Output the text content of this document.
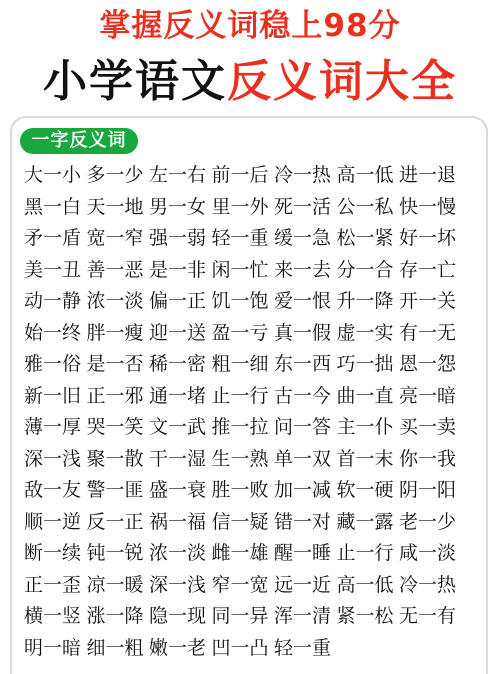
掌握反义词稳上98分
小学语文反义词大全
一字反义词
大一小 多一少 左一右 前一后 冷一热 高一低 进一退
黑一白 天一地 男一女 里一外 死一活 公一私 快一慢
矛一盾 宽一窄 强一弱 轻一重 缓一急 松一紧 好一坏
美一丑 善一恶 是一非 闲一忙 来一去 分一合 存一亡
动一静 浓一淡 偏一正 饥一饱 爱一恨 升一降 开一关
始一终 胖一瘦 迎一送 盈一亏 真一假 虚一实 有一无
雅一俗 是一否 稀一密 粗一细 东一西 巧一拙 恩一怨
新一旧 正一邪 通一堵 止一行 古一今 曲一直 亮一暗
薄一厚 哭一笑 文一武 推一拉 问一答 主一仆 买一卖
深一浅 聚一散 干一湿 生一熟 单一双 首一末 你一我
敌一友 警一匪 盛一衰 胜一败 加一减 软一硬 阴一阳
顺一逆 反一正 祸一福 信一疑 错一对 藏一露 老一少
断一续 钝一锐 浓一淡 雌一雄 醒一睡 止一行 咸一淡
正一歪 凉一暖 深一浅 窄一宽 远一近 高一低 冷一热
横一竖 涨一降 隐一现 同一异 浑一清 紧一松 无一有
明一暗 细一粗 嫩一老 凹一凸 轻一重
